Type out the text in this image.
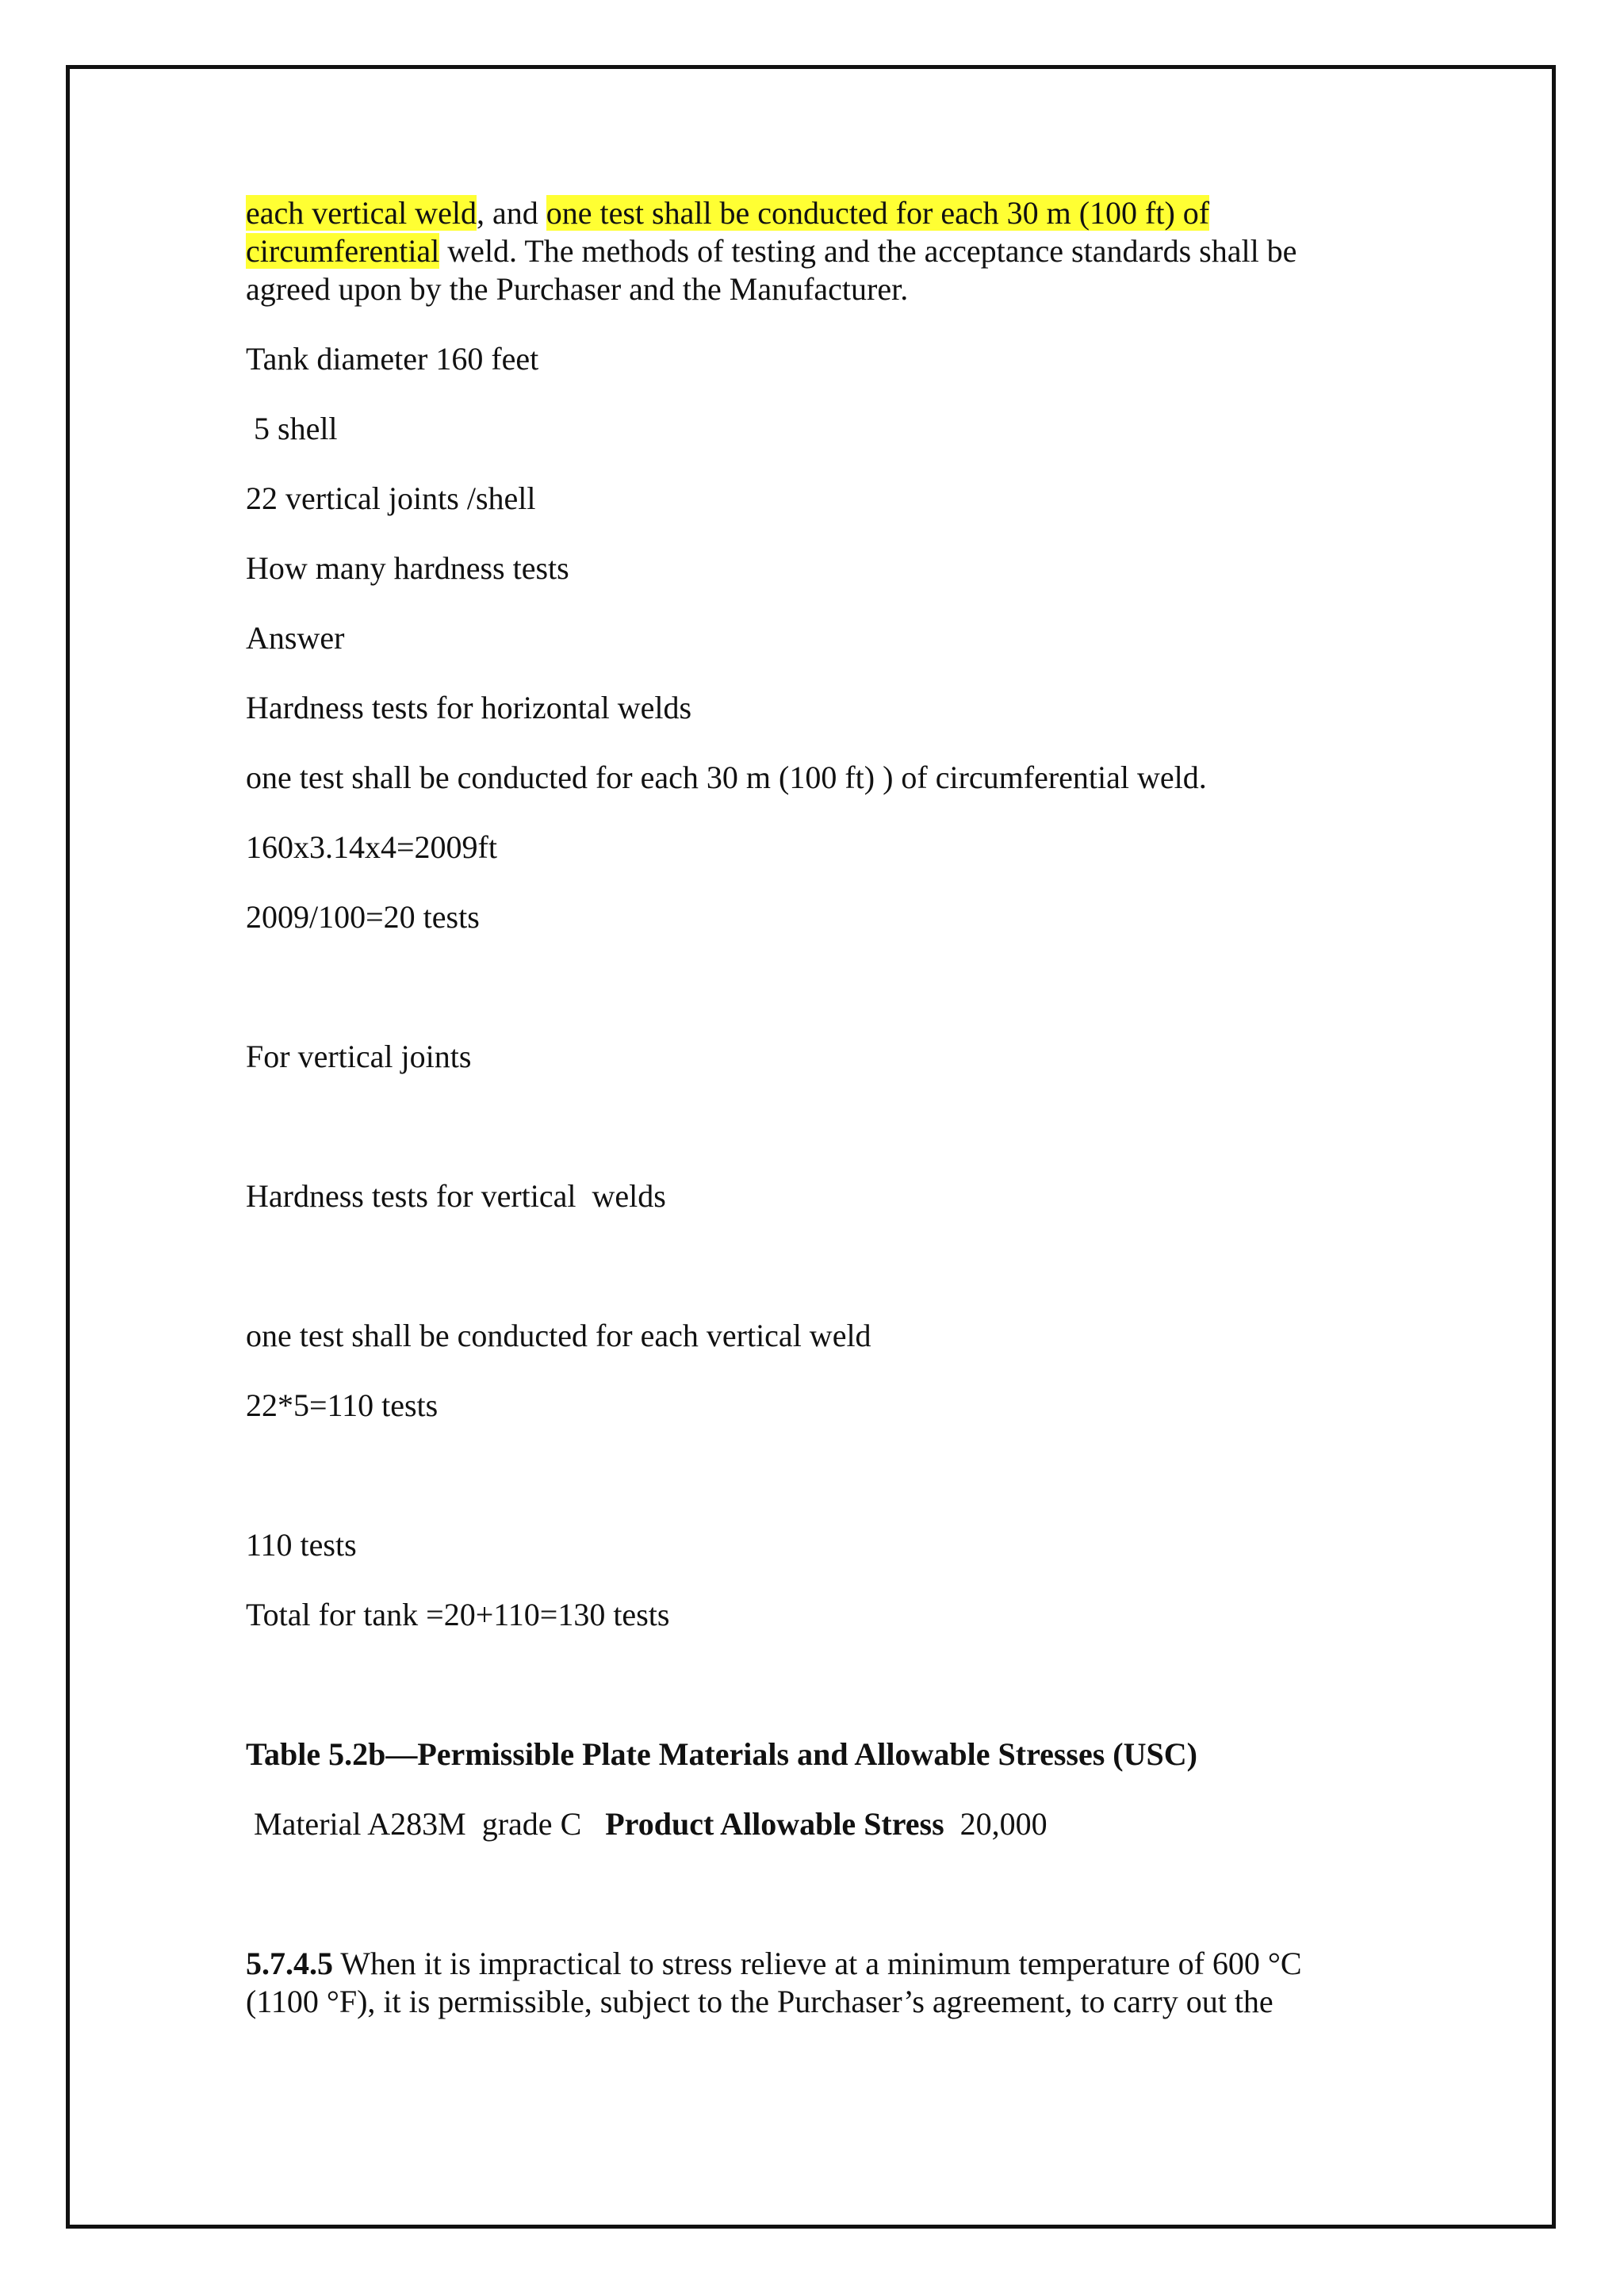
each vertical weld, and one test shall be conducted for each 30 m (100 ft) of
circumferential weld. The methods of testing and the acceptance standards shall be
agreed upon by the Purchaser and the Manufacturer.

Tank diameter 160 feet

5 shell

22 vertical joints /shell

How many hardness tests

Answer

Hardness tests for horizontal welds

one test shall be conducted for each 30 m (100 ft) ) of circumferential weld.

160x3.14x4=2009ft

2009/100=20 tests

For vertical joints

Hardness tests for vertical  welds

one test shall be conducted for each vertical weld

22*5=110 tests

110 tests

Total for tank =20+110=130 tests

Table 5.2b—Permissible Plate Materials and Allowable Stresses (USC)

Material A283M  grade C   Product Allowable Stress  20,000

5.7.4.5 When it is impractical to stress relieve at a minimum temperature of 600 °C
(1100 °F), it is permissible, subject to the Purchaser’s agreement, to carry out the
